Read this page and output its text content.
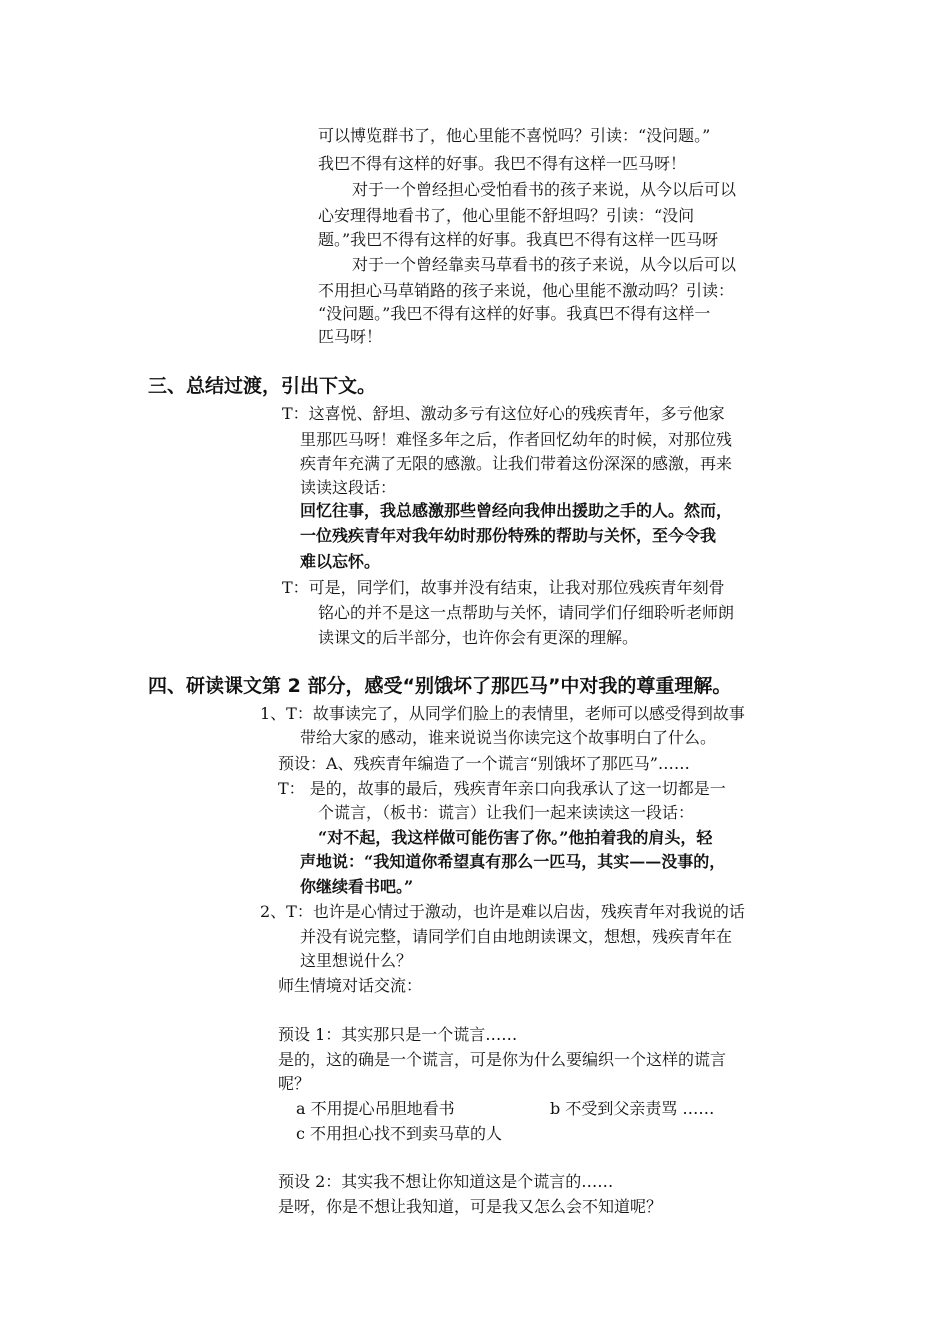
可以博览群书了，他心里能不喜悦吗？引读：“没问题。”
我巴不得有这样的好事。我巴不得有这样一匹马呀！
对于一个曾经担心受怕看书的孩子来说，从今以后可以
心安理得地看书了，他心里能不舒坦吗？引读：“没问
题。”我巴不得有这样的好事。我真巴不得有这样一匹马呀
对于一个曾经靠卖马草看书的孩子来说，从今以后可以
不用担心马草销路的孩子来说，他心里能不激动吗？引读：
“没问题。”我巴不得有这样的好事。我真巴不得有这样一
匹马呀！
三、总结过渡，引出下文。
T：这喜悦、舒坦、激动多亏有这位好心的残疾青年，多亏他家
里那匹马呀！难怪多年之后，作者回忆幼年的时候，对那位残
疾青年充满了无限的感激。让我们带着这份深深的感激，再来
读读这段话：
回忆往事，我总感激那些曾经向我伸出援助之手的人。然而，
一位残疾青年对我年幼时那份特殊的帮助与关怀，至今令我
难以忘怀。
T：可是，同学们，故事并没有结束，让我对那位残疾青年刻骨
铭心的并不是这一点帮助与关怀，请同学们仔细聆听老师朗
读课文的后半部分，也许你会有更深的理解。
四、研读课文第 2 部分，感受“别饿坏了那匹马”中对我的尊重理解。
1、T：故事读完了，从同学们脸上的表情里，老师可以感受得到故事
带给大家的感动，谁来说说当你读完这个故事明白了什么。
预设：A、残疾青年编造了一个谎言“别饿坏了那匹马”……
T： 是的，故事的最后，残疾青年亲口向我承认了这一切都是一
个谎言，（板书：谎言）让我们一起来读读这一段话：
“对不起，我这样做可能伤害了你。”他拍着我的肩头，轻
声地说：“我知道你希望真有那么一匹马，其实——没事的，
你继续看书吧。”
2、T：也许是心情过于激动，也许是难以启齿，残疾青年对我说的话
并没有说完整，请同学们自由地朗读课文，想想，残疾青年在
这里想说什么？
师生情境对话交流：
预设 1：其实那只是一个谎言……
是的，这的确是一个谎言，可是你为什么要编织一个这样的谎言
呢？
a 不用提心吊胆地看书	b 不受到父亲责骂 ……
c 不用担心找不到卖马草的人
预设 2：其实我不想让你知道这是个谎言的……
是呀，你是不想让我知道，可是我又怎么会不知道呢？
